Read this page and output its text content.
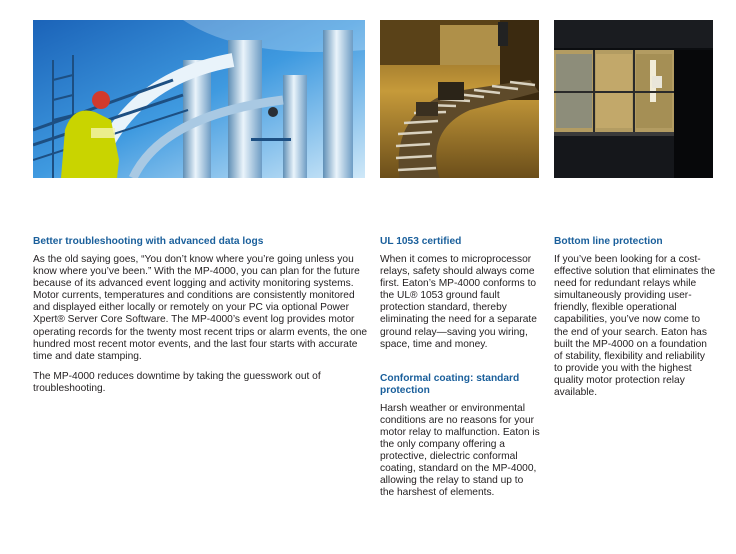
Better troubleshooting with advanced data logs

As the old saying goes, “You don’t know where you’re going unless you know where you’ve been.” With the MP-4000, you can plan for the future because of its advanced event logging and activity monitoring systems. Motor currents, temperatures and conditions are consistently monitored and displayed either locally or remotely on your PC via optional Power Xpert® Server Core Software. The MP-4000’s event log provides motor operating records for the twenty most recent trips or alarm events, the one hundred most recent motor events, and the last four starts with accurate time and date stamping.

The MP-4000 reduces downtime by taking the guesswork out of troubleshooting.

UL 1053 certified

When it comes to microprocessor relays, safety should always come first. Eaton’s MP-4000 conforms to the UL® 1053 ground fault protection standard, thereby eliminating the need for a separate ground relay—saving you wiring, space, time and money.

Conformal coating: standard protection

Harsh weather or environmental conditions are no reasons for your motor relay to malfunction. Eaton is the only company offering a protective, dielectric conformal coating, standard on the MP-4000, allowing the relay to stand up to the harshest of elements.

Bottom line protection

If you’ve been looking for a cost-effective solution that eliminates the need for redundant relays while simultaneously providing user-friendly, flexible operational capabilities, you’ve now come to the end of your search. Eaton has built the MP-4000 on a foundation of stability, flexibility and reliability to provide you with the highest quality motor protection relay available.
